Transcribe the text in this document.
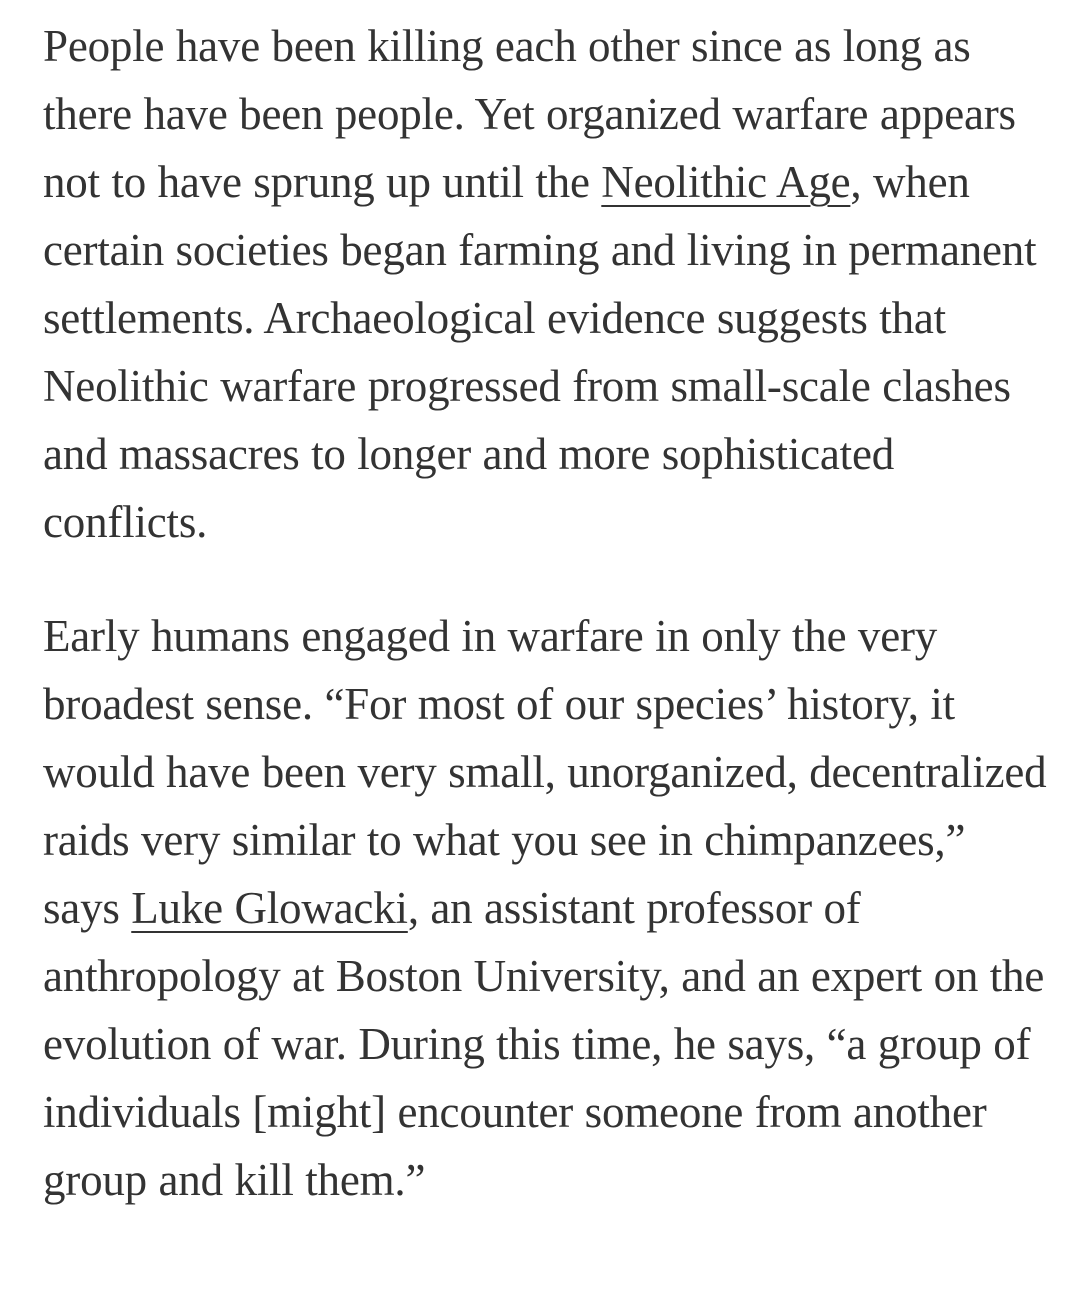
People have been killing each other since as long as there have been people. Yet organized warfare appears not to have sprung up until the Neolithic Age, when certain societies began farming and living in permanent settlements. Archaeological evidence suggests that Neolithic warfare progressed from small-scale clashes and massacres to longer and more sophisticated conflicts.

Early humans engaged in warfare in only the very broadest sense. “For most of our species’ history, it would have been very small, unorganized, decentralized raids very similar to what you see in chimpanzees,” says Luke Glowacki, an assistant professor of anthropology at Boston University, and an expert on the evolution of war. During this time, he says, “a group of individuals [might] encounter someone from another group and kill them.”
